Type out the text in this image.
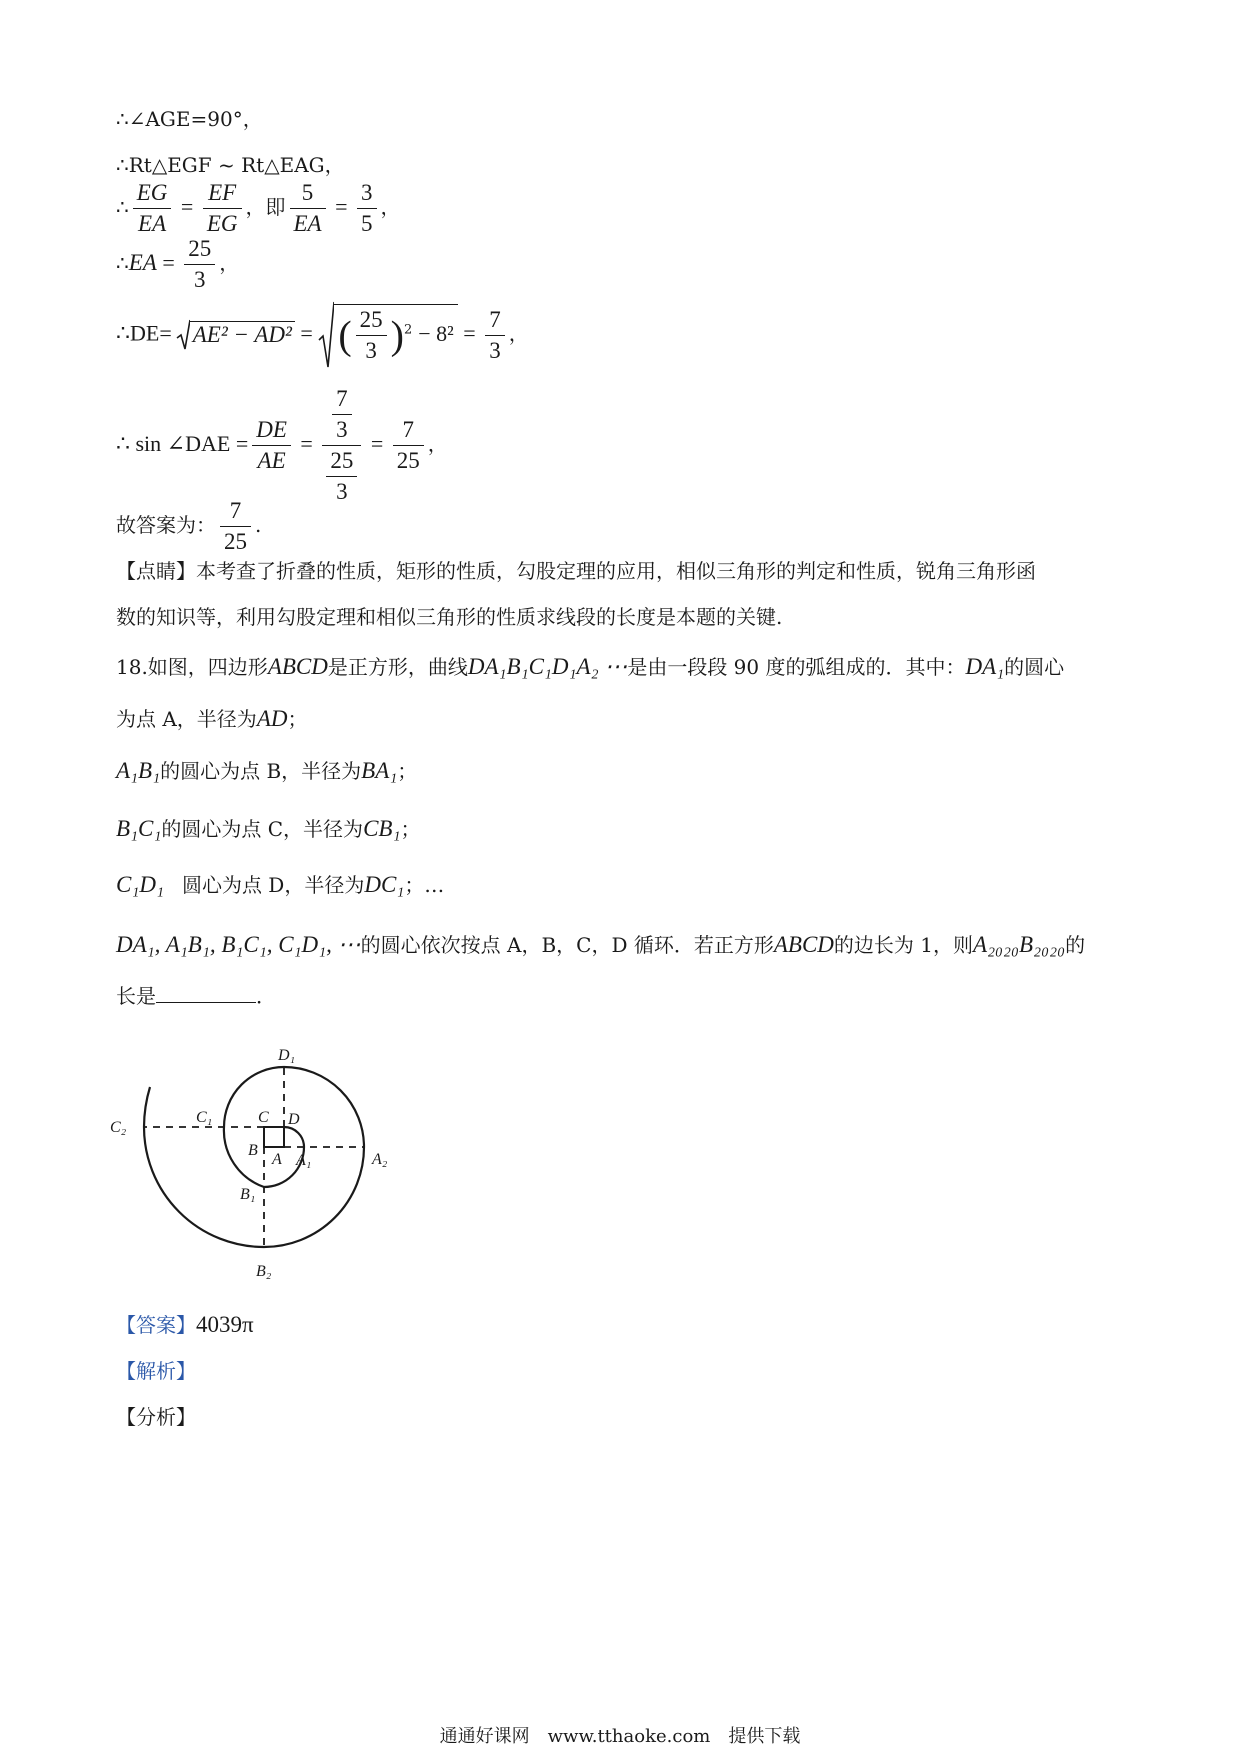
∴∠AGE=90°，
∴Rt△EGF ~ Rt△EAG，
∴ $\frac{EG}{EA} = \frac{EF}{EG}$ ，即 $\frac{5}{EA} = \frac{3}{5}$ ，
∴EA = $\frac{25}{3}$ ，
∴DE= AE² − AD² = ( $\frac{25}{3} )^2 - 8^2 = \frac{7}{3}$ ，
∴ sin ∠DAE = $\frac{DE}{AE} = \frac{\frac{7}{3}}{\frac{25}{3}} = \frac{7}{25}$ ，
故答案为： $\frac{7}{25}$ .
【点睛】本考查了折叠的性质，矩形的性质，勾股定理的应用，相似三角形的判定和性质，锐角三角形函
数的知识等，利用勾股定理和相似三角形的性质求线段的长度是本题的关键.
18.如图，四边形ABCD是正方形，曲线DA₁B₁C₁D₁A₂ ⋯是由一段段 90 度的弧组成的．其中：DA₁的圆心
为点 A，半径为AD；
A₁B₁的圆心为点 B，半径为BA₁；
B₁C₁的圆心为点 C，半径为CB₁；
C₁D₁ 圆心为点 D，半径为DC₁；…
DA₁, A₁B₁, B₁C₁, C₁D₁, ⋯的圆心依次按点 A，B，C，D 循环．若正方形ABCD的边长为 1，则A₂₀₂₀B₂₀₂₀的
长是	．
D₁
C₁	C D
C₂
B
A A₁	A₂
B₁
B₂
【答案】4039π
【解析】
【分析】
通通好课网　www.tthaoke.com　提供下载
